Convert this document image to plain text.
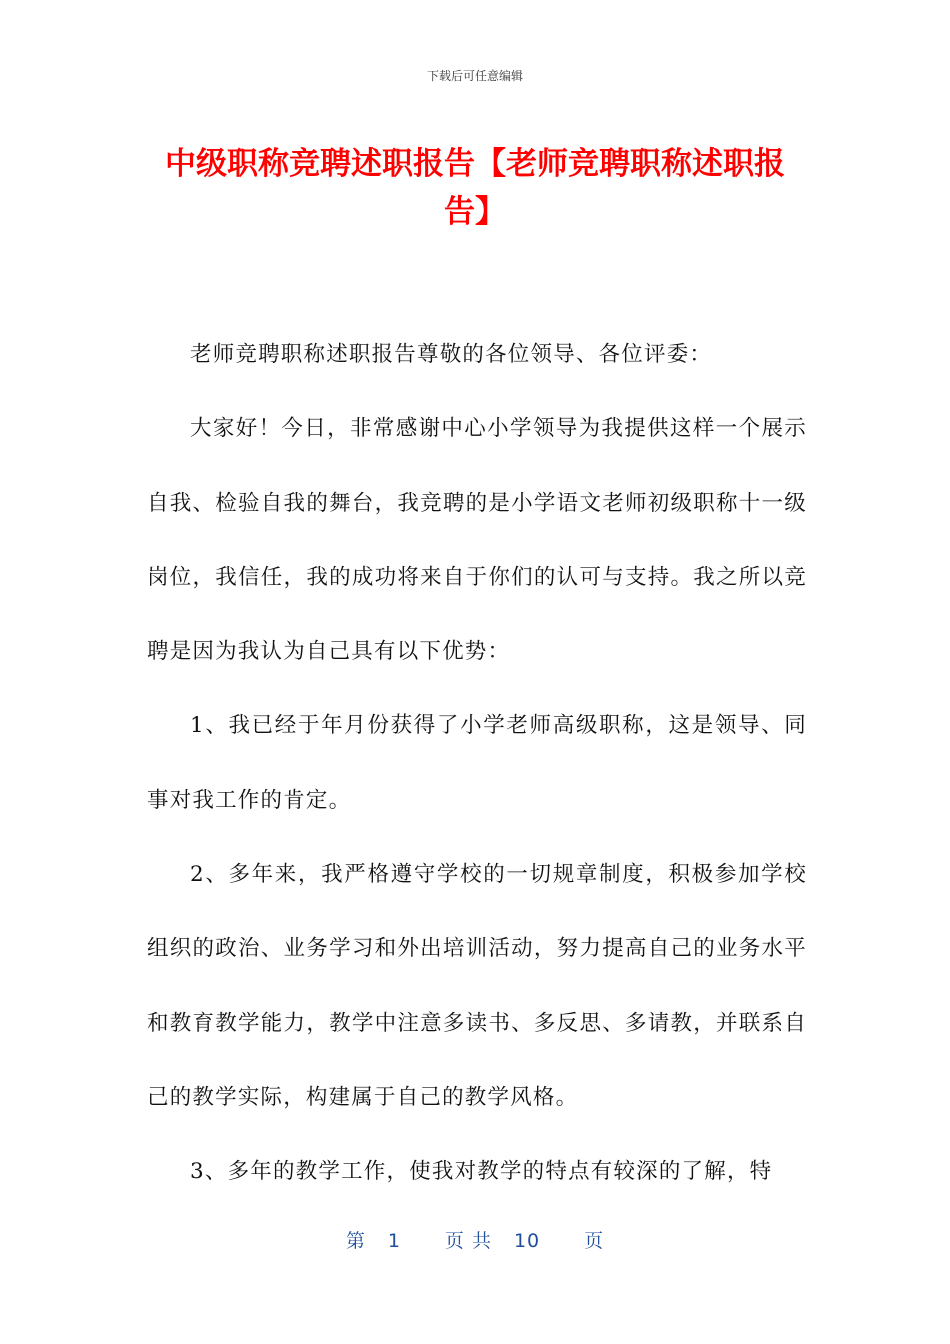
下载后可任意编辑
中级职称竞聘述职报告【老师竞聘职称述职报告】

老师竞聘职称述职报告尊敬的各位领导、各位评委：

大家好！今日，非常感谢中心小学领导为我提供这样一个展示自我、检验自我的舞台，我竞聘的是小学语文老师初级职称十一级岗位，我信任，我的成功将来自于你们的认可与支持。我之所以竞聘是因为我认为自己具有以下优势：

1、我已经于年月份获得了小学老师高级职称，这是领导、同事对我工作的肯定。

2、多年来，我严格遵守学校的一切规章制度，积极参加学校组织的政治、业务学习和外出培训活动，努力提高自己的业务水平和教育教学能力，教学中注意多读书、多反思、多请教，并联系自己的教学实际，构建属于自己的教学风格。

3、多年的教学工作，使我对教学的特点有较深的了解，特

第 1 页 共 10 页
